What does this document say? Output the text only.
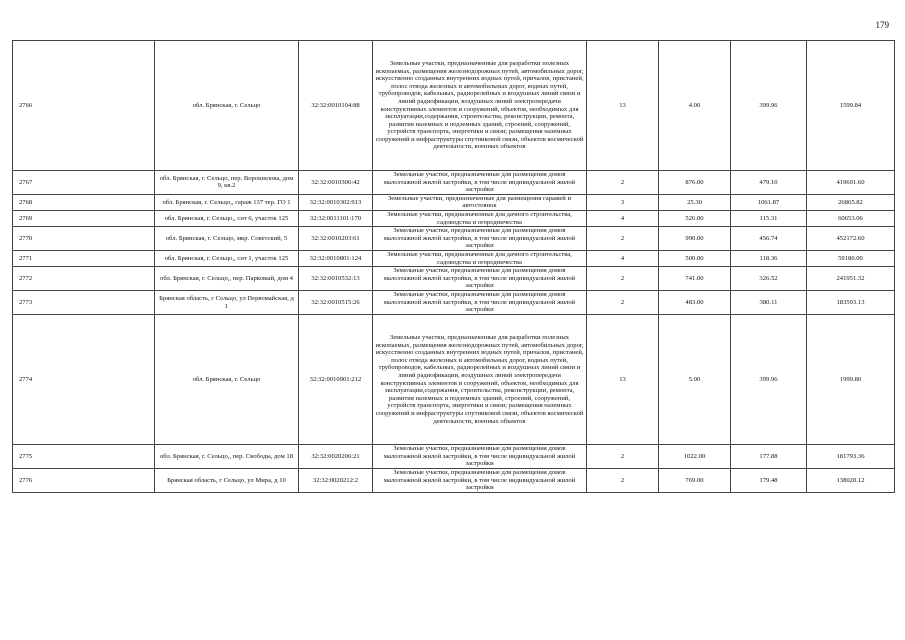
179
2766	обл. Брянская, г. Сельцо	32:32:0010104:88	Земельные участки, предназначенные для разработки полезных ископаемых, размещения железнодорожных путей, автомобильных дорог, искусственно созданных внутренних водных путей, причалов, пристаней, полос отвода железных и автомобильных дорог, водных путей, трубопроводов, кабельных, радиорелейных и воздушных линий связи и линий радиофикации, воздушных линий электропередачи конструктивных элементов и сооружений, объектов, необходимых для эксплуатации,содержания, строительства, реконструкции, ремонта, развития наземных и подземных зданий, строений, сооружений, устройств транспорта, энергетики и связи; размещения наземных сооружений и инфраструктуры спутниковой связи, объектов космической деятельности, военных объектов	13	4.00	399.96	1599.84
2767	обл. Брянская, г. Сельцо, пер. Ворошилова, дом 9, кв.2	32:32:0010306:42	Земельные участки, предназначенные для размещения домов малоэтажной жилой застройки, в том числе индивидуальной жилой застройки	2	876.00	479.10	419691.60
2768	обл. Брянская, г. Сельцо,, гараж 137 тер. ГО 1	32:32:0010302:913	Земельные участки, предназначенные для размещения гаражей и автостоянок	3	25.30	1061.87	26865.82
2769	обл. Брянская, г. Сельцо,, снт 6, участок 125	32:32:0011101:170	Земельные участки, предназначенные для дачного строительства, садоводства и огородничества	4	526.00	115.31	60653.06
2770	обл. Брянская, г. Сельцо, мкр. Советский, 5	32:32:0010203:61	Земельные участки, предназначенные для размещения домов малоэтажной жилой застройки, в том числе индивидуальной жилой застройки	2	990.00	456.74	452172.60
2771	обл. Брянская, г. Сельцо,, снт 1, участок 125	32:32:0010801:124	Земельные участки, предназначенные для дачного строительства, садоводства и огородничества	4	500.00	118.36	59180.00
2772	обл. Брянская, г. Сельцо,, пер. Парковый, дом 4	32:32:0010532:13	Земельные участки, предназначенные для размещения домов малоэтажной жилой застройки, в том числе индивидуальной жилой застройки	2	741.00	326.52	241951.32
2773	Брянская область, г Сельцо, ул Первомайская, д 1	32:32:0010515:26	Земельные участки, предназначенные для размещения домов малоэтажной жилой застройки, в том числе индивидуальной жилой застройки	2	483.00	380.11	183593.13
2774	обл. Брянская, г. Сельцо	32:32:0010901:212	Земельные участки, предназначенные для разработки полезных ископаемых, размещения железнодорожных путей, автомобильных дорог, искусственно созданных внутренних водных путей, причалов, пристаней, полос отвода железных и автомобильных дорог, водных путей, трубопроводов, кабельных, радиорелейных и воздушных линий связи и линий радиофикации, воздушных линий электропередачи конструктивных элементов и сооружений, объектов, необходимых для эксплуатации,содержания, строительства, реконструкции, ремонта, развития наземных и подземных зданий, строений, сооружений, устройств транспорта, энергетики и связи; размещения наземных сооружений и инфраструктуры спутниковой связи, объектов космической деятельности, военных объектов	13	5.00	399.96	1999.80
2775	обл. Брянская, г. Сельцо,, пер. Свободы, дом 18	32:32:0020206:21	Земельные участки, предназначенные для размещения домов малоэтажной жилой застройки, в том числе индивидуальной жилой застройки	2	1022.00	177.88	181793.36
2776	Брянская область, г Сельцо, ул Мира, д 10	32:32:0020212:2	Земельные участки, предназначенные для размещения домов малоэтажной жилой застройки, в том числе индивидуальной жилой застройки	2	769.00	179.48	138020.12
